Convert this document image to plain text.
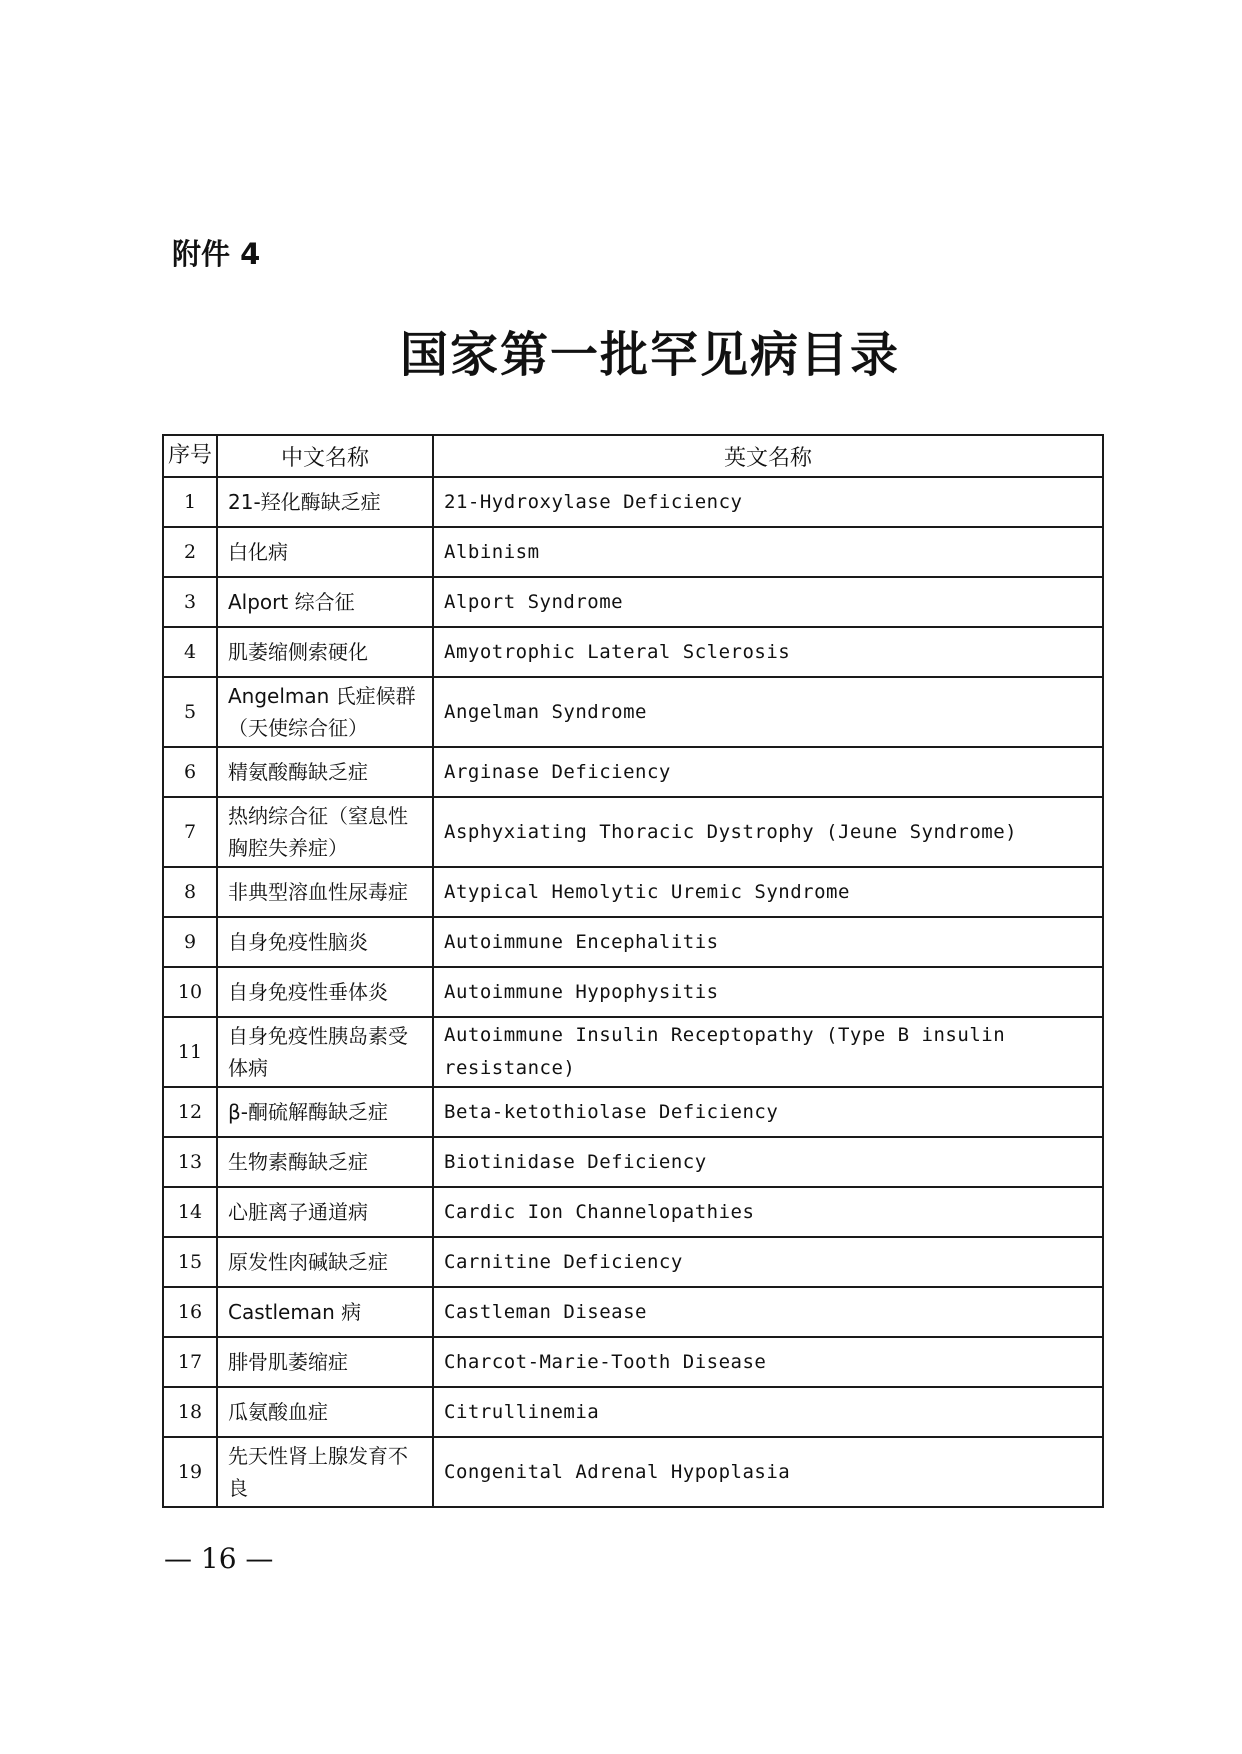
附件 4
国家第一批罕见病目录
序号	中文名称	英文名称
1	21-羟化酶缺乏症	21-Hydroxylase Deficiency
2	白化病	Albinism
3	Alport 综合征	Alport Syndrome
4	肌萎缩侧索硬化	Amyotrophic Lateral Sclerosis
5	Angelman 氏症候群（天使综合征）	Angelman Syndrome
6	精氨酸酶缺乏症	Arginase Deficiency
7	热纳综合征（窒息性胸腔失养症）	Asphyxiating Thoracic Dystrophy (Jeune Syndrome)
8	非典型溶血性尿毒症	Atypical Hemolytic Uremic Syndrome
9	自身免疫性脑炎	Autoimmune Encephalitis
10	自身免疫性垂体炎	Autoimmune Hypophysitis
11	自身免疫性胰岛素受体病	Autoimmune Insulin Receptopathy (Type B insulin resistance)
12	β-酮硫解酶缺乏症	Beta-ketothiolase Deficiency
13	生物素酶缺乏症	Biotinidase Deficiency
14	心脏离子通道病	Cardic Ion Channelopathies
15	原发性肉碱缺乏症	Carnitine Deficiency
16	Castleman 病	Castleman Disease
17	腓骨肌萎缩症	Charcot-Marie-Tooth Disease
18	瓜氨酸血症	Citrullinemia
19	先天性肾上腺发育不良	Congenital Adrenal Hypoplasia
— 16 —
